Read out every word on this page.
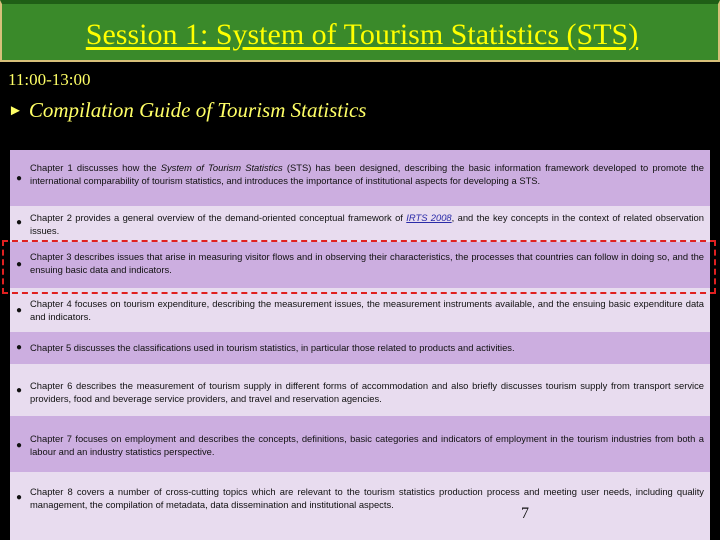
Session 1: System of Tourism Statistics (STS)
11:00-13:00
► Compilation Guide of Tourism Statistics
●
Chapter 1 discusses how the System of Tourism Statistics (STS) has been designed, describing the basic information framework developed to promote the international comparability of tourism statistics, and introduces the importance of institutional aspects for developing a STS.
● Chapter 2 provides a general overview of the demand-oriented conceptual framework of IRTS 2008, and the key concepts in the context of related observation issues.
●
Chapter 3 describes issues that arise in measuring visitor flows and in observing their characteristics, the processes that countries can follow in doing so, and the ensuing basic data and indicators.
●
Chapter 4 focuses on tourism expenditure, describing the measurement issues, the measurement instruments available, and the ensuing basic expenditure data and indicators.
● Chapter 5 discusses the classifications used in tourism statistics, in particular those related to products and activities.
● Chapter 6 describes the measurement of tourism supply in different forms of accommodation and also briefly discusses tourism supply from transport service providers, food and beverage service providers, and travel and reservation agencies.
●
Chapter 7 focuses on employment and describes the concepts, definitions, basic categories and indicators of employment in the tourism industries from both a labour and an industry statistics perspective.
●
Chapter 8 covers a number of cross-cutting topics which are relevant to the tourism statistics production process and meeting user needs, including quality management, the compilation of metadata, data dissemination and institutional aspects.
7
